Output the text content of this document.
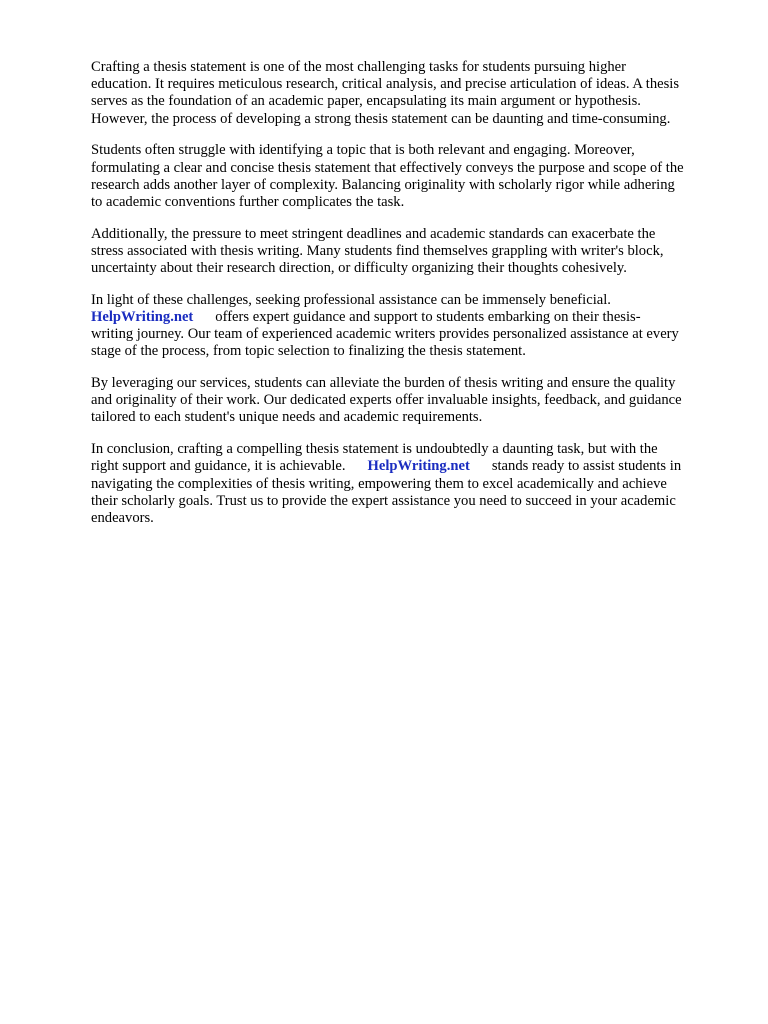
Crafting a thesis statement is one of the most challenging tasks for students pursuing higher
education. It requires meticulous research, critical analysis, and precise articulation of ideas. A thesis
serves as the foundation of an academic paper, encapsulating its main argument or hypothesis.
However, the process of developing a strong thesis statement can be daunting and time-consuming.

Students often struggle with identifying a topic that is both relevant and engaging. Moreover,
formulating a clear and concise thesis statement that effectively conveys the purpose and scope of the
research adds another layer of complexity. Balancing originality with scholarly rigor while adhering
to academic conventions further complicates the task.

Additionally, the pressure to meet stringent deadlines and academic standards can exacerbate the
stress associated with thesis writing. Many students find themselves grappling with writer's block,
uncertainty about their research direction, or difficulty organizing their thoughts cohesively.

In light of these challenges, seeking professional assistance can be immensely beneficial.
HelpWriting.net offers expert guidance and support to students embarking on their thesis-
writing journey. Our team of experienced academic writers provides personalized assistance at every
stage of the process, from topic selection to finalizing the thesis statement.

By leveraging our services, students can alleviate the burden of thesis writing and ensure the quality
and originality of their work. Our dedicated experts offer invaluable insights, feedback, and guidance
tailored to each student's unique needs and academic requirements.

In conclusion, crafting a compelling thesis statement is undoubtedly a daunting task, but with the
right support and guidance, it is achievable. HelpWriting.net stands ready to assist students in
navigating the complexities of thesis writing, empowering them to excel academically and achieve
their scholarly goals. Trust us to provide the expert assistance you need to succeed in your academic
endeavors.
